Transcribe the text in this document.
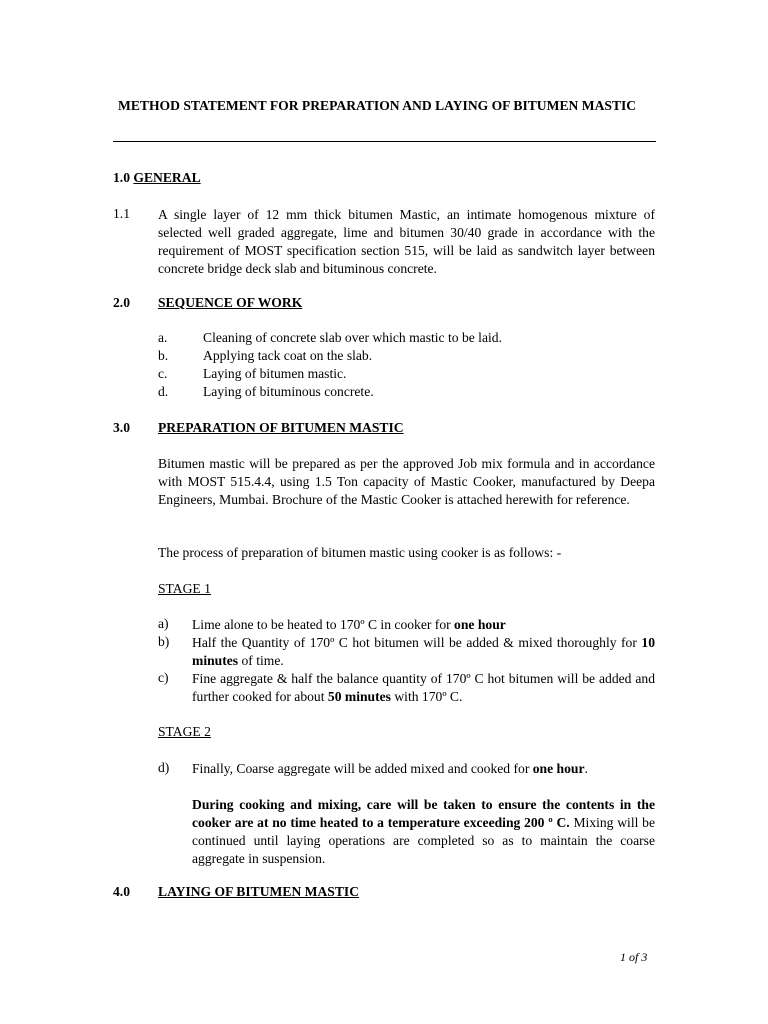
METHOD STATEMENT FOR PREPARATION AND LAYING OF BITUMEN MASTIC
1.0 GENERAL
1.1 A single layer of 12 mm thick bitumen Mastic, an intimate homogenous mixture of selected well graded aggregate, lime and bitumen 30/40 grade in accordance with the requirement of MOST specification section 515, will be laid as sandwitch layer between concrete bridge deck slab and bituminous concrete.
2.0 SEQUENCE OF WORK
a.	Cleaning of concrete slab over which mastic to be laid.
b.	Applying tack coat on the slab.
c.	Laying of bitumen mastic.
d.	Laying of bituminous concrete.
3.0 PREPARATION OF BITUMEN MASTIC
Bitumen mastic will be prepared as per the approved Job mix formula and in accordance with MOST 515.4.4, using 1.5 Ton capacity of Mastic Cooker, manufactured by Deepa Engineers, Mumbai. Brochure of the Mastic Cooker is attached herewith for reference.
The process of preparation of bitumen mastic using cooker is as follows: -
STAGE 1
a) Lime alone to be heated to 170º C in cooker for one hour
b) Half the Quantity of 170º C hot bitumen will be added & mixed thoroughly for 10 minutes of time.
c) Fine aggregate & half the balance quantity of 170º C hot bitumen will be added and further cooked for about 50 minutes with 170º C.
STAGE 2
d) Finally, Coarse aggregate will be added mixed and cooked for one hour.
During cooking and mixing, care will be taken to ensure the contents in the cooker are at no time heated to a temperature exceeding 200 º C. Mixing will be continued until laying operations are completed so as to maintain the coarse aggregate in suspension.
4.0 LAYING OF BITUMEN MASTIC
1 of 3
